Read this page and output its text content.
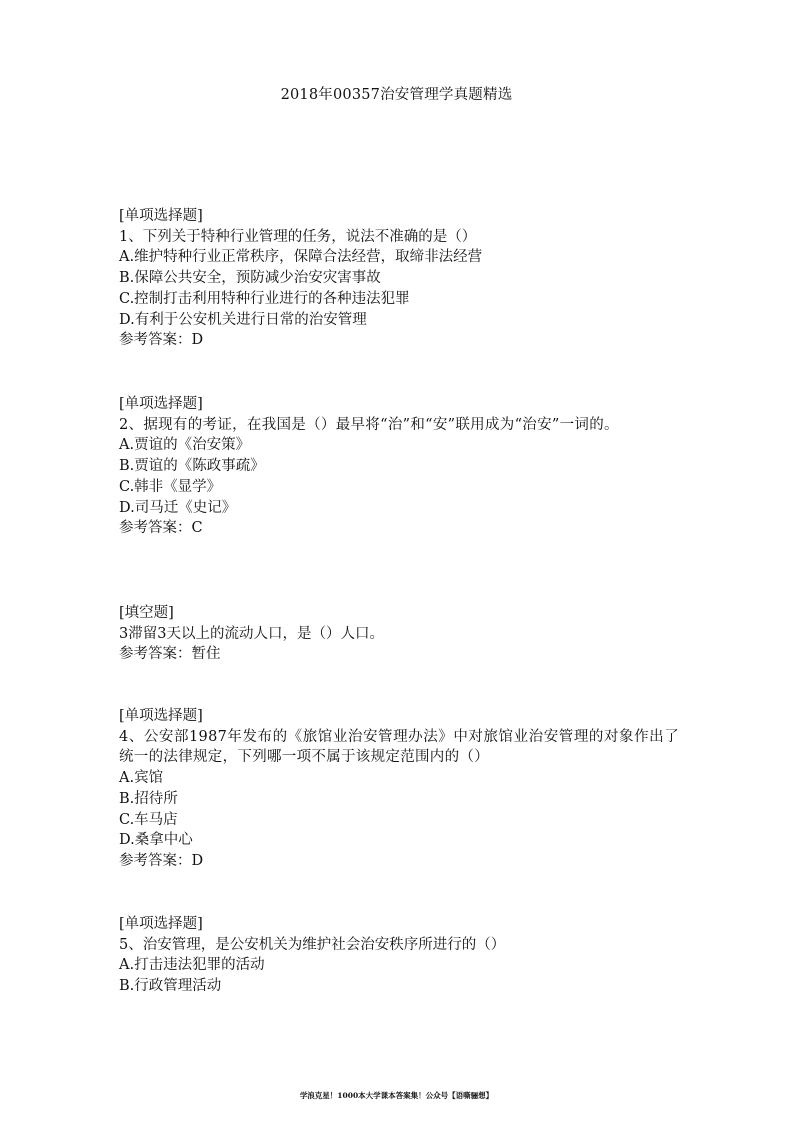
2018年00357治安管理学真题精选
[单项选择题]
1、下列关于特种行业管理的任务，说法不准确的是（）
A.维护特种行业正常秩序，保障合法经营，取缔非法经营
B.保障公共安全，预防减少治安灾害事故
C.控制打击利用特种行业进行的各种违法犯罪
D.有利于公安机关进行日常的治安管理
参考答案：D
[单项选择题]
2、据现有的考证，在我国是（）最早将“治”和“安”联用成为“治安”一词的。
A.贾谊的《治安策》
B.贾谊的《陈政事疏》
C.韩非《显学》
D.司马迁《史记》
参考答案：C
[填空题]
3滞留3天以上的流动人口，是（）人口。
参考答案：暂住
[单项选择题]
4、公安部1987年发布的《旅馆业治安管理办法》中对旅馆业治安管理的对象作出了统一的法律规定，下列哪一项不属于该规定范围内的（）
A.宾馆
B.招待所
C.车马店
D.桑拿中心
参考答案：D
[单项选择题]
5、治安管理，是公安机关为维护社会治安秩序所进行的（）
A.打击违法犯罪的活动
B.行政管理活动
学浪克星！1000本大学课本答案集！公众号【语嘶骊想】
